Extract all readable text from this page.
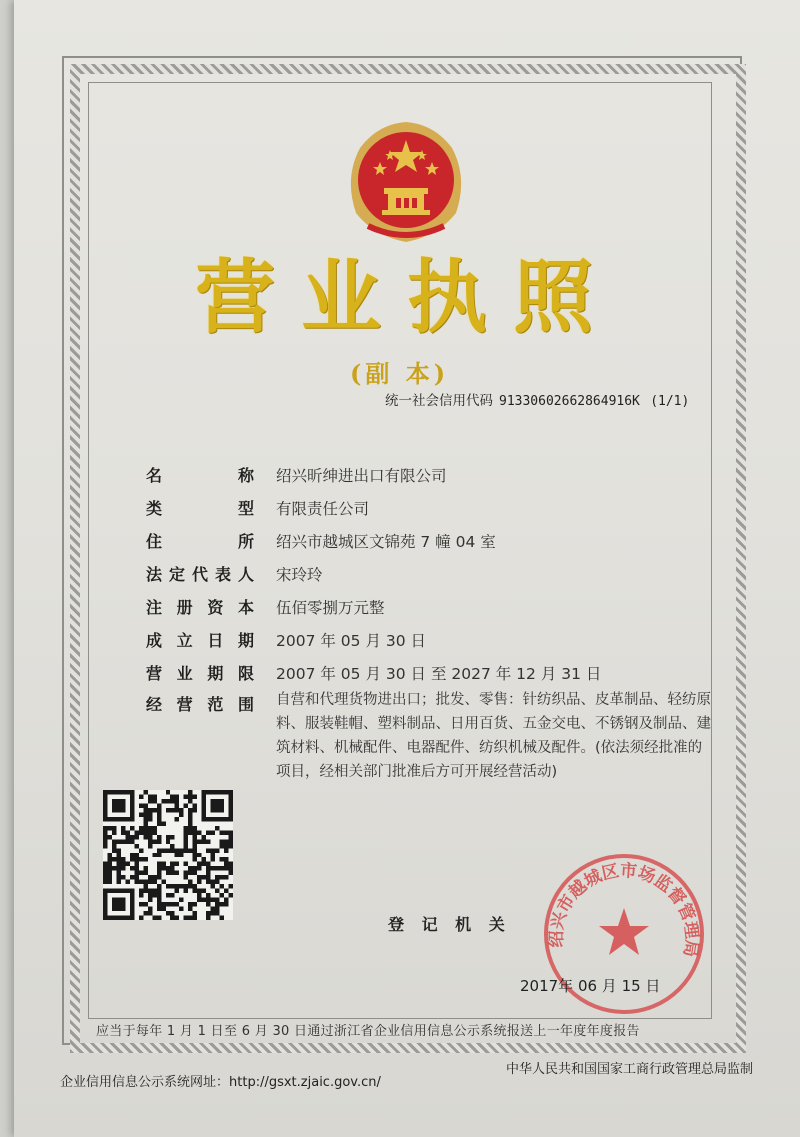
营业执照
(副 本)
统一社会信用代码 91330602662864916K (1/1)
名	称 绍兴昕绅进出口有限公司
类	型 有限责任公司
住	所 绍兴市越城区文锦苑 7 幢 04 室
法 定 代 表 人 宋玲玲
注 册 资 本 伍佰零捌万元整
成 立 日 期 2007 年 05 月 30 日
营 业 期 限 2007 年 05 月 30 日 至 2027 年 12 月 31 日
经 营 范 围 自营和代理货物进出口；批发、零售：针纺织品、皮革制品、轻纺原料、服装鞋帽、塑料制品、日用百货、五金交电、不锈钢及制品、建筑材料、机械配件、电器配件、纺织机械及配件。(依法须经批准的项目，经相关部门批准后方可开展经营活动)
登 记 机 关
绍兴市越城区市场监督管理局
2017年 06 月 15 日
应当于每年 1 月 1 日至 6 月 30 日通过浙江省企业信用信息公示系统报送上一年度年度报告
企业信用信息公示系统网址：http://gsxt.zjaic.gov.cn/
中华人民共和国国家工商行政管理总局监制
